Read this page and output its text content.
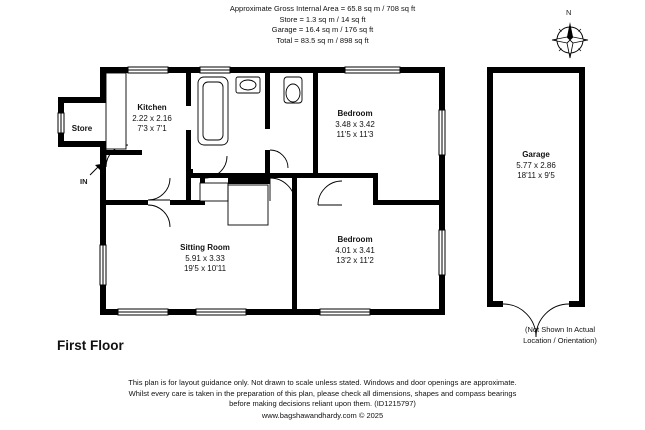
Approximate Gross Internal Area = 65.8 sq m / 708 sq ft
Store = 1.3 sq m / 14 sq ft
Garage = 16.4 sq m / 176 sq ft
Total = 83.5 sq m / 898 sq ft
N
Kitchen
2.22 x 2.16
7'3 x 7'1
Store
Bedroom
3.48 x 3.42
11'5 x 11'3
Sitting Room
5.91 x 3.33
19'5 x 10'11
Bedroom
4.01 x 3.41
13'2 x 11'2
Garage
5.77 x 2.86
18'11 x 9'5
IN
(Not Shown In Actual
Location / Orientation)
First Floor
This plan is for layout guidance only. Not drawn to scale unless stated. Windows and door openings are approximate.
Whilst every care is taken in the preparation of this plan, please check all dimensions, shapes and compass bearings
before making decisions reliant upon them. (ID1215797)
www.bagshawandhardy.com © 2025
